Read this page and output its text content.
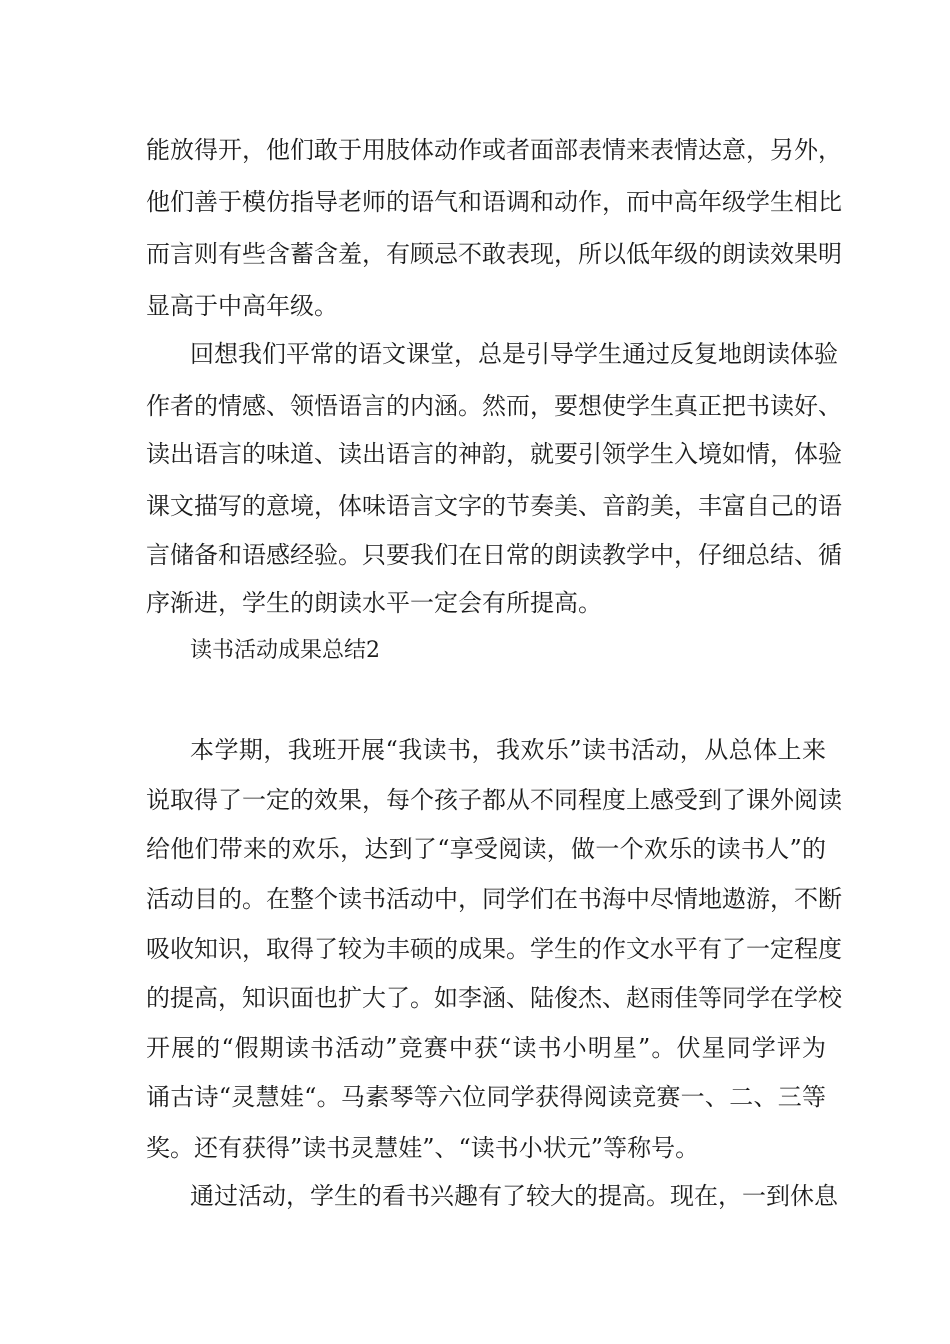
能放得开，他们敢于用肢体动作或者面部表情来表情达意，另外，
他们善于模仿指导老师的语气和语调和动作，而中高年级学生相比
而言则有些含蓄含羞，有顾忌不敢表现，所以低年级的朗读效果明
显高于中高年级。
回想我们平常的语文课堂，总是引导学生通过反复地朗读体验
作者的情感、领悟语言的内涵。然而，要想使学生真正把书读好、
读出语言的味道、读出语言的神韵，就要引领学生入境如情，体验
课文描写的意境，体味语言文字的节奏美、音韵美，丰富自己的语
言储备和语感经验。只要我们在日常的朗读教学中，仔细总结、循
序渐进，学生的朗读水平一定会有所提高。
读书活动成果总结2
本学期，我班开展“我读书，我欢乐”读书活动，从总体上来
说取得了一定的效果，每个孩子都从不同程度上感受到了课外阅读
给他们带来的欢乐，达到了“享受阅读，做一个欢乐的读书人”的
活动目的。在整个读书活动中，同学们在书海中尽情地遨游，不断
吸收知识，取得了较为丰硕的成果。学生的作文水平有了一定程度
的提高，知识面也扩大了。如李涵、陆俊杰、赵雨佳等同学在学校
开展的“假期读书活动”竞赛中获“读书小明星”。伏星同学评为
诵古诗“灵慧娃“。马素琴等六位同学获得阅读竞赛一、二、三等
奖。还有获得”读书灵慧娃”、“读书小状元”等称号。
通过活动，学生的看书兴趣有了较大的提高。现在，一到休息
